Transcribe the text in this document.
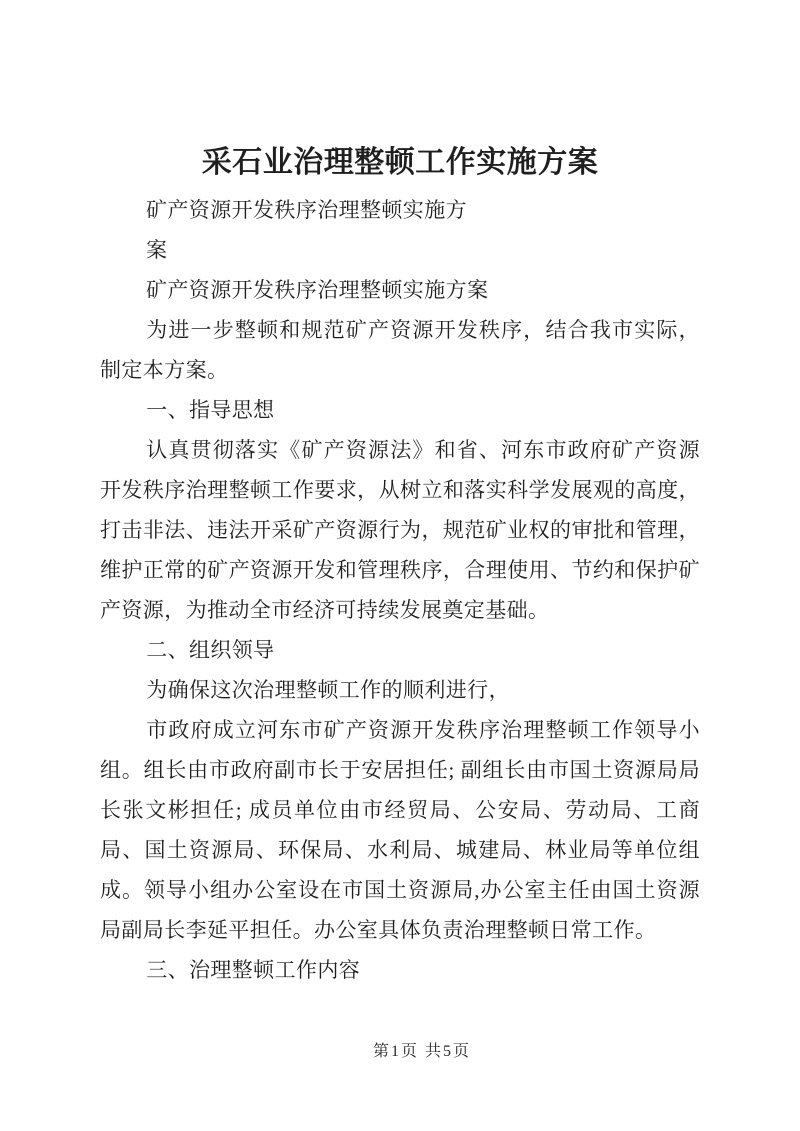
采石业治理整顿工作实施方案

矿产资源开发秩序治理整顿实施方案

矿产资源开发秩序治理整顿实施方案

为进一步整顿和规范矿产资源开发秩序，结合我市实际，制定本方案。

一、指导思想

认真贯彻落实《矿产资源法》和省、河东市政府矿产资源开发秩序治理整顿工作要求，从树立和落实科学发展观的高度，打击非法、违法开采矿产资源行为，规范矿业权的审批和管理，维护正常的矿产资源开发和管理秩序，合理使用、节约和保护矿产资源，为推动全市经济可持续发展奠定基础。

二、组织领导

为确保这次治理整顿工作的顺利进行，

市政府成立河东市矿产资源开发秩序治理整顿工作领导小组。组长由市政府副市长于安居担任; 副组长由市国土资源局局长张文彬担任; 成员单位由市经贸局、公安局、劳动局、工商局、国土资源局、环保局、水利局、城建局、林业局等单位组成。领导小组办公室设在市国土资源局,办公室主任由国土资源局副局长李延平担任。办公室具体负责治理整顿日常工作。

三、治理整顿工作内容

第1页 共5页
